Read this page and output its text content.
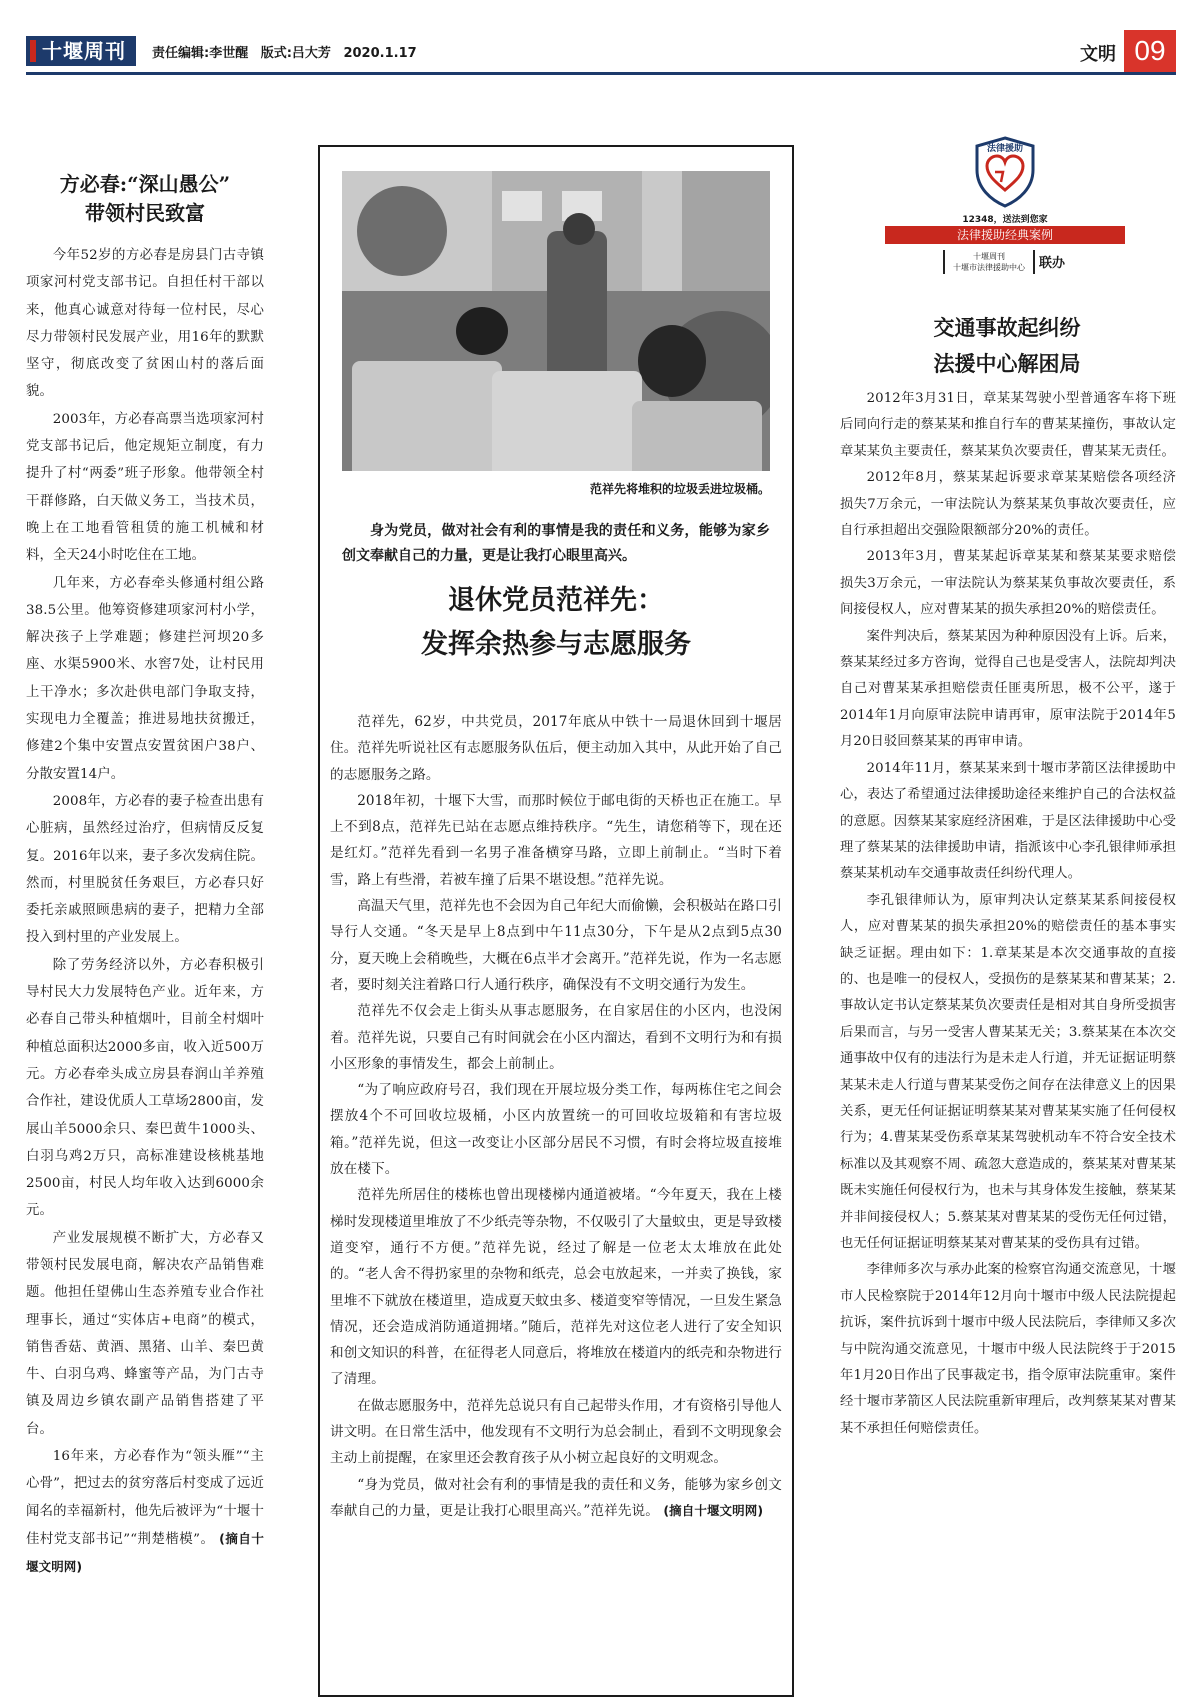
十堰周刊	责任编辑:李世醒 版式:吕大芳 2020.1.17	文明 09
方必春:“深山愚公”
带领村民致富
今年52岁的方必春是房县门古寺镇项家河村党支部书记。自担任村干部以来，他真心诚意对待每一位村民，尽心尽力带领村民发展产业，用16年的默默坚守，彻底改变了贫困山村的落后面貌。
2003年，方必春高票当选项家河村党支部书记后，他定规矩立制度，有力提升了村“两委”班子形象。他带领全村干群修路，白天做义务工，当技术员，晚上在工地看管租赁的施工机械和材料，全天24小时吃住在工地。
几年来，方必春牵头修通村组公路38.5公里。他筹资修建项家河村小学，解决孩子上学难题；修建拦河坝20多座、水渠5900米、水窖7处，让村民用上干净水；多次赴供电部门争取支持，实现电力全覆盖；推进易地扶贫搬迁，修建2个集中安置点安置贫困户38户、分散安置14户。
2008年，方必春的妻子检查出患有心脏病，虽然经过治疗，但病情反反复复。2016年以来，妻子多次发病住院。然而，村里脱贫任务艰巨，方必春只好委托亲戚照顾患病的妻子，把精力全部投入到村里的产业发展上。
除了劳务经济以外，方必春积极引导村民大力发展特色产业。近年来，方必春自己带头种植烟叶，目前全村烟叶种植总面积达2000多亩，收入近500万元。方必春牵头成立房县春润山羊养殖合作社，建设优质人工草场2800亩，发展山羊5000余只、秦巴黄牛1000头、白羽乌鸡2万只，高标准建设核桃基地2500亩，村民人均年收入达到6000余元。
产业发展规模不断扩大，方必春又带领村民发展电商，解决农产品销售难题。他担任望佛山生态养殖专业合作社理事长，通过“实体店+电商”的模式，销售香菇、黄酒、黑猪、山羊、秦巴黄牛、白羽乌鸡、蜂蜜等产品，为门古寺镇及周边乡镇农副产品销售搭建了平台。
16年来，方必春作为“领头雁”“主心骨”，把过去的贫穷落后村变成了远近闻名的幸福新村，他先后被评为“十堰十佳村党支部书记”“荆楚楷模”。 (摘自十堰文明网)
范祥先将堆积的垃圾丢进垃圾桶。
身为党员，做对社会有利的事情是我的责任和义务，能够为家乡创文奉献自己的力量，更是让我打心眼里高兴。
退休党员范祥先：
发挥余热参与志愿服务
范祥先，62岁，中共党员，2017年底从中铁十一局退休回到十堰居住。范祥先听说社区有志愿服务队伍后，便主动加入其中，从此开始了自己的志愿服务之路。
2018年初，十堰下大雪，而那时候位于邮电街的天桥也正在施工。早上不到8点，范祥先已站在志愿点维持秩序。“先生，请您稍等下，现在还是红灯。”范祥先看到一名男子准备横穿马路，立即上前制止。“当时下着雪，路上有些滑，若被车撞了后果不堪设想。”范祥先说。
高温天气里，范祥先也不会因为自己年纪大而偷懒，会积极站在路口引导行人交通。“冬天是早上8点到中午11点30分，下午是从2点到5点30分，夏天晚上会稍晚些，大概在6点半才会离开。”范祥先说，作为一名志愿者，要时刻关注着路口行人通行秩序，确保没有不文明交通行为发生。
范祥先不仅会走上街头从事志愿服务，在自家居住的小区内，也没闲着。范祥先说，只要自己有时间就会在小区内溜达，看到不文明行为和有损小区形象的事情发生，都会上前制止。
“为了响应政府号召，我们现在开展垃圾分类工作，每两栋住宅之间会摆放4个不可回收垃圾桶，小区内放置统一的可回收垃圾箱和有害垃圾箱。”范祥先说，但这一改变让小区部分居民不习惯，有时会将垃圾直接堆放在楼下。
范祥先所居住的楼栋也曾出现楼梯内通道被堵。“今年夏天，我在上楼梯时发现楼道里堆放了不少纸壳等杂物，不仅吸引了大量蚊虫，更是导致楼道变窄，通行不方便。”范祥先说，经过了解是一位老太太堆放在此处的。“老人舍不得扔家里的杂物和纸壳，总会屯放起来，一并卖了换钱，家里堆不下就放在楼道里，造成夏天蚊虫多、楼道变窄等情况，一旦发生紧急情况，还会造成消防通道拥堵。”随后，范祥先对这位老人进行了安全知识和创文知识的科普，在征得老人同意后，将堆放在楼道内的纸壳和杂物进行了清理。
在做志愿服务中，范祥先总说只有自己起带头作用，才有资格引导他人讲文明。在日常生活中，他发现有不文明行为总会制止，看到不文明现象会主动上前提醒，在家里还会教育孩子从小树立起良好的文明观念。
“身为党员，做对社会有利的事情是我的责任和义务，能够为家乡创文奉献自己的力量，更是让我打心眼里高兴。”范祥先说。 (摘自十堰文明网)
法律援助
12348，送法到您家
法律援助经典案例
十堰周刊
十堰市法律援助中心	联办
交通事故起纠纷
法援中心解困局
2012年3月31日，章某某驾驶小型普通客车将下班后同向行走的蔡某某和推自行车的曹某某撞伤，事故认定章某某负主要责任，蔡某某负次要责任，曹某某无责任。
2012年8月，蔡某某起诉要求章某某赔偿各项经济损失7万余元，一审法院认为蔡某某负事故次要责任，应自行承担超出交强险限额部分20%的责任。
2013年3月，曹某某起诉章某某和蔡某某要求赔偿损失3万余元，一审法院认为蔡某某负事故次要责任，系间接侵权人，应对曹某某的损失承担20%的赔偿责任。
案件判决后，蔡某某因为种种原因没有上诉。后来，蔡某某经过多方咨询，觉得自己也是受害人，法院却判决自己对曹某某承担赔偿责任匪夷所思，极不公平，遂于2014年1月向原审法院申请再审，原审法院于2014年5月20日驳回蔡某某的再审申请。
2014年11月，蔡某某来到十堰市茅箭区法律援助中心，表达了希望通过法律援助途径来维护自己的合法权益的意愿。因蔡某某家庭经济困难，于是区法律援助中心受理了蔡某某的法律援助申请，指派该中心李孔银律师承担蔡某某机动车交通事故责任纠纷代理人。
李孔银律师认为，原审判决认定蔡某某系间接侵权人，应对曹某某的损失承担20%的赔偿责任的基本事实缺乏证据。理由如下：1.章某某是本次交通事故的直接的、也是唯一的侵权人，受损伤的是蔡某某和曹某某；2.事故认定书认定蔡某某负次要责任是相对其自身所受损害后果而言，与另一受害人曹某某无关；3.蔡某某在本次交通事故中仅有的违法行为是未走人行道，并无证据证明蔡某某未走人行道与曹某某受伤之间存在法律意义上的因果关系，更无任何证据证明蔡某某对曹某某实施了任何侵权行为；4.曹某某受伤系章某某驾驶机动车不符合安全技术标准以及其观察不周、疏忽大意造成的，蔡某某对曹某某既未实施任何侵权行为，也未与其身体发生接触，蔡某某并非间接侵权人；5.蔡某某对曹某某的受伤无任何过错，也无任何证据证明蔡某某对曹某某的受伤具有过错。
李律师多次与承办此案的检察官沟通交流意见，十堰市人民检察院于2014年12月向十堰市中级人民法院提起抗诉，案件抗诉到十堰市中级人民法院后，李律师又多次与中院沟通交流意见，十堰市中级人民法院终于于2015年1月20日作出了民事裁定书，指令原审法院重审。案件经十堰市茅箭区人民法院重新审理后，改判蔡某某对曹某某不承担任何赔偿责任。
